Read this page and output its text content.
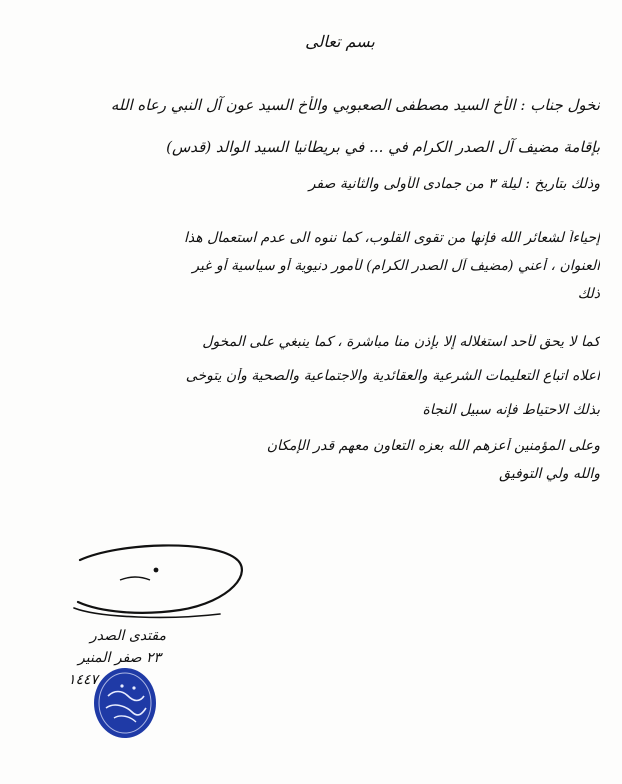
بسم تعالى
نخول جناب : الأخ السيد مصطفى الصعبوبي والأخ السيد عون آل النبي رعاه الله
بإقامة مضيف آل الصدر الكرام في ... في بريطانيا السيد الوالد (قدس)
وذلك بتاريخ : ليلة ٣ من جمادى الأولى والثانية صفر
إحياءاً لشعائر الله فإنها من تقوى القلوب، كما ننوه الى عدم استعمال هذا
العنوان ، أعني (مضيف آل الصدر الكرام) لأمور دنيوية أو سياسية أو غير
ذلك
كما لا يحق لأحد استغلاله إلا بإذن منا مباشرة ، كما ينبغي على المخول
اعلاه اتباع التعليمات الشرعية والعقائدية والاجتماعية والصحية وأن يتوخى
بذلك الاحتياط فإنه سبيل النجاة
وعلى المؤمنين أعزهم الله بعزه التعاون معهم قدر الإمكان
والله ولي التوفيق
مقتدى الصدر
٢٣ صفر المنير
١٤٤٧
